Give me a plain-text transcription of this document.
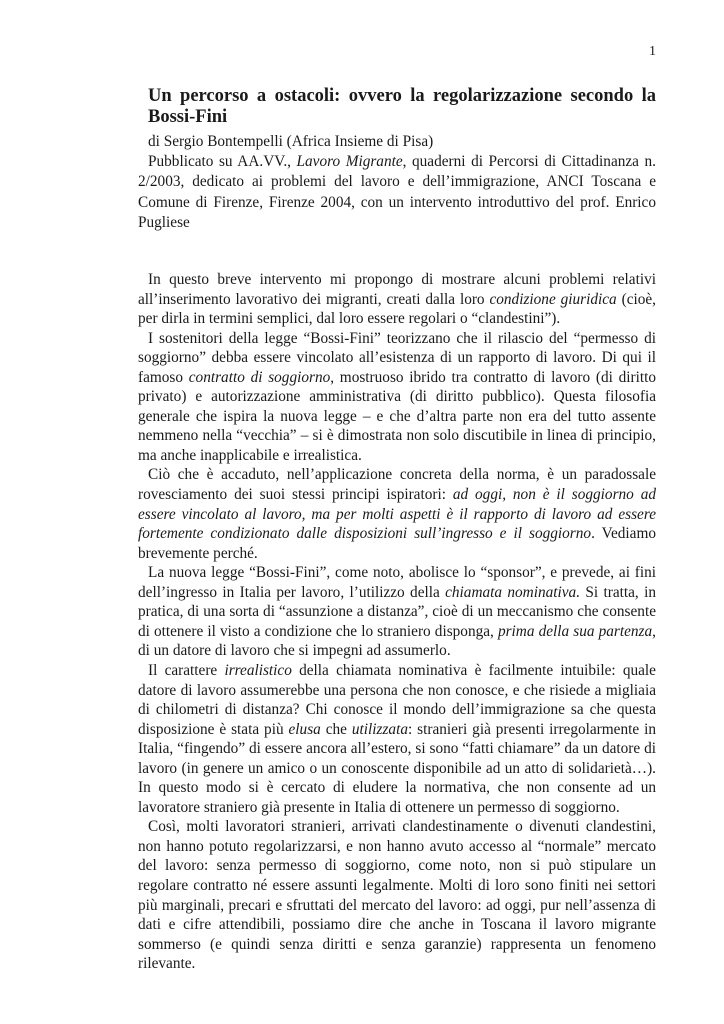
1
Un percorso a ostacoli: ovvero la regolarizzazione secondo la Bossi-Fini

di Sergio Bontempelli (Africa Insieme di Pisa)

Pubblicato su AA.VV., Lavoro Migrante, quaderni di Percorsi di Cittadinanza n. 2/2003, dedicato ai problemi del lavoro e dell’immigrazione, ANCI Toscana e Comune di Firenze, Firenze 2004, con un intervento introduttivo del prof. Enrico Pugliese

In questo breve intervento mi propongo di mostrare alcuni problemi relativi all’inserimento lavorativo dei migranti, creati dalla loro condizione giuridica (cioè, per dirla in termini semplici, dal loro essere regolari o “clandestini”).

I sostenitori della legge “Bossi-Fini” teorizzano che il rilascio del “permesso di soggiorno” debba essere vincolato all’esistenza di un rapporto di lavoro. Di qui il famoso contratto di soggiorno, mostruoso ibrido tra contratto di lavoro (di diritto privato) e autorizzazione amministrativa (di diritto pubblico). Questa filosofia generale che ispira la nuova legge – e che d’altra parte non era del tutto assente nemmeno nella “vecchia” – si è dimostrata non solo discutibile in linea di principio, ma anche inapplicabile e irrealistica.

Ciò che è accaduto, nell’applicazione concreta della norma, è un paradossale rovesciamento dei suoi stessi principi ispiratori: ad oggi, non è il soggiorno ad essere vincolato al lavoro, ma per molti aspetti è il rapporto di lavoro ad essere fortemente condizionato dalle disposizioni sull’ingresso e il soggiorno. Vediamo brevemente perché.

La nuova legge “Bossi-Fini”, come noto, abolisce lo “sponsor”, e prevede, ai fini dell’ingresso in Italia per lavoro, l’utilizzo della chiamata nominativa. Si tratta, in pratica, di una sorta di “assunzione a distanza”, cioè di un meccanismo che consente di ottenere il visto a condizione che lo straniero disponga, prima della sua partenza, di un datore di lavoro che si impegni ad assumerlo.

Il carattere irrealistico della chiamata nominativa è facilmente intuibile: quale datore di lavoro assumerebbe una persona che non conosce, e che risiede a migliaia di chilometri di distanza? Chi conosce il mondo dell’immigrazione sa che questa disposizione è stata più elusa che utilizzata: stranieri già presenti irregolarmente in Italia, “fingendo” di essere ancora all’estero, si sono “fatti chiamare” da un datore di lavoro (in genere un amico o un conoscente disponibile ad un atto di solidarietà…). In questo modo si è cercato di eludere la normativa, che non consente ad un lavoratore straniero già presente in Italia di ottenere un permesso di soggiorno.

Così, molti lavoratori stranieri, arrivati clandestinamente o divenuti clandestini, non hanno potuto regolarizzarsi, e non hanno avuto accesso al “normale” mercato del lavoro: senza permesso di soggiorno, come noto, non si può stipulare un regolare contratto né essere assunti legalmente. Molti di loro sono finiti nei settori più marginali, precari e sfruttati del mercato del lavoro: ad oggi, pur nell’assenza di dati e cifre attendibili, possiamo dire che anche in Toscana il lavoro migrante sommerso (e quindi senza diritti e senza garanzie) rappresenta un fenomeno rilevante.
